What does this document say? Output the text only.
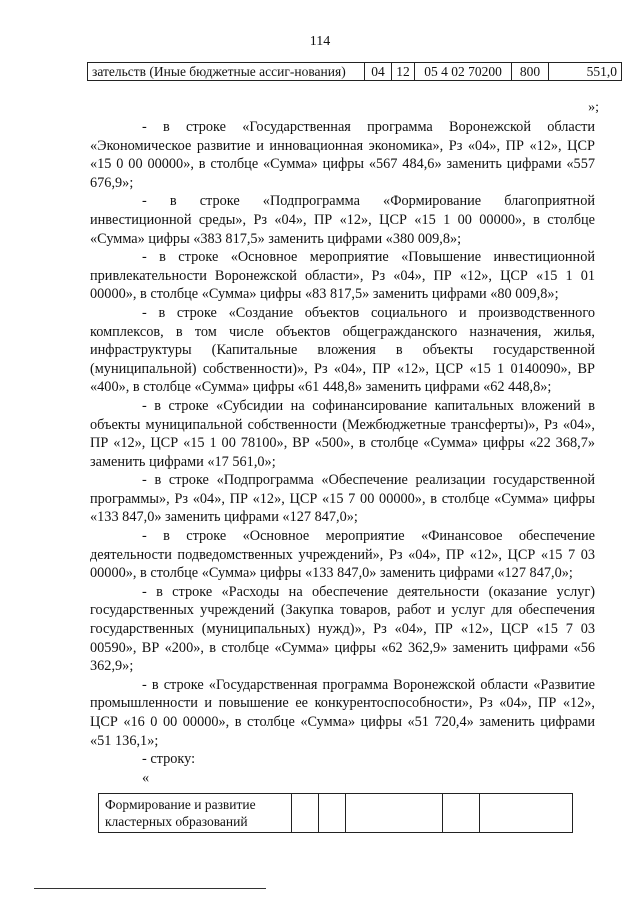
114
зательств (Иные бюджетные ассиг-нования)	04	12	05 4 02 70200	800	551,0
»;

- в строке «Государственная программа Воронежской области «Экономическое развитие и инновационная экономика», Рз «04», ПР «12», ЦСР «15 0 00 00000», в столбце «Сумма» цифры «567 484,6» заменить цифрами «557 676,9»;

- в строке «Подпрограмма «Формирование благоприятной инвестиционной среды», Рз «04», ПР «12», ЦСР «15 1 00 00000», в столбце «Сумма» цифры «383 817,5» заменить цифрами «380 009,8»;

- в строке «Основное мероприятие «Повышение инвестиционной привлекательности Воронежской области», Рз «04», ПР «12», ЦСР «15 1 01 00000», в столбце «Сумма» цифры «83 817,5» заменить цифрами «80 009,8»;

- в строке «Создание объектов социального и производственного комплексов, в том числе объектов общегражданского назначения, жилья, инфраструктуры (Капитальные вложения в объекты государственной (муниципальной) собственности)», Рз «04», ПР «12», ЦСР «15 1 0140090», ВР «400», в столбце «Сумма» цифры «61 448,8» заменить цифрами «62 448,8»;

- в строке «Субсидии на софинансирование капитальных вложений в объекты муниципальной собственности (Межбюджетные трансферты)», Рз «04», ПР «12», ЦСР «15 1 00 78100», ВР «500», в столбце «Сумма» цифры «22 368,7» заменить цифрами «17 561,0»;

- в строке «Подпрограмма «Обеспечение реализации государственной программы», Рз «04», ПР «12», ЦСР «15 7 00 00000», в столбце «Сумма» цифры «133 847,0» заменить цифрами «127 847,0»;

- в строке «Основное мероприятие «Финансовое обеспечение деятельности подведомственных учреждений», Рз «04», ПР «12», ЦСР «15 7 03 00000», в столбце «Сумма» цифры «133 847,0» заменить цифрами «127 847,0»;

- в строке «Расходы на обеспечение деятельности (оказание услуг) государственных учреждений (Закупка товаров, работ и услуг для обеспечения государственных (муниципальных) нужд)», Рз «04», ПР «12», ЦСР «15 7 03 00590», ВР «200», в столбце «Сумма» цифры «62 362,9» заменить цифрами «56 362,9»;

- в строке «Государственная программа Воронежской области «Развитие промышленности и повышение ее конкурентоспособности», Рз «04», ПР «12», ЦСР «16 0 00 00000», в столбце «Сумма» цифры «51 720,4» заменить цифрами «51 136,1»;

- строку:

«

Формирование и развитие кластерных образований					
